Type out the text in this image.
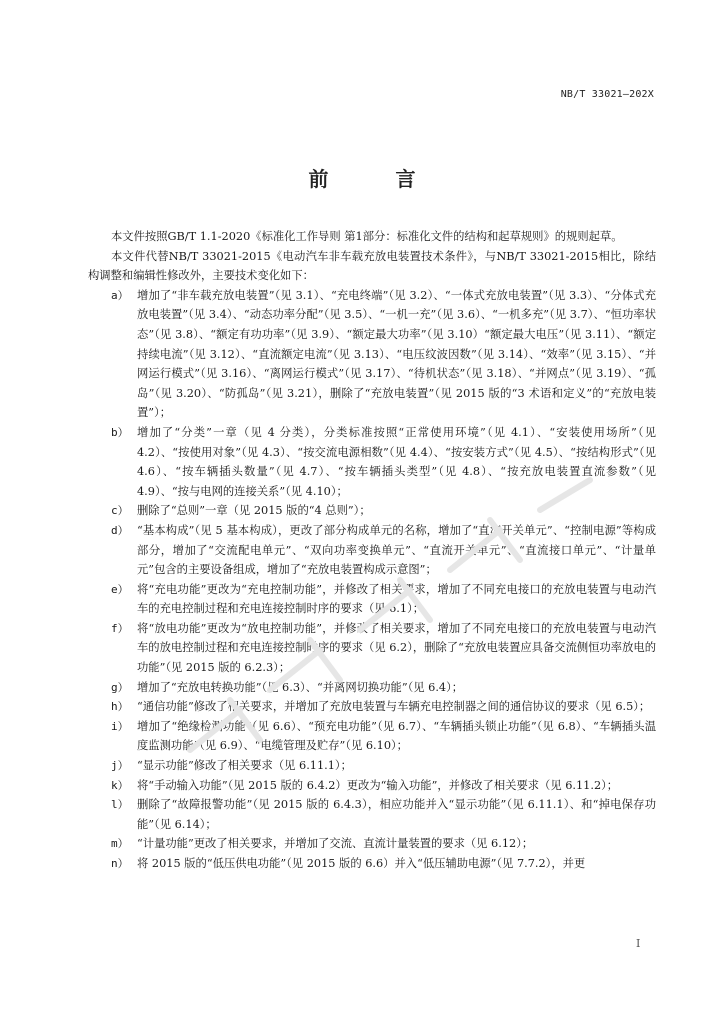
NB/T 33021—202X
前 言

本文件按照GB/T 1.1-2020《标准化工作导则 第1部分：标准化文件的结构和起草规则》的规则起草。

本文件代替NB/T 33021-2015《电动汽车非车载充放电装置技术条件》，与NB/T 33021-2015相比，除结构调整和编辑性修改外，主要技术变化如下：

a） 增加了“非车载充放电装置”（见 3.1）、“充电终端”（见 3.2）、“一体式充放电装置”（见 3.3）、“分体式充放电装置”（见 3.4）、“动态功率分配”（见 3.5）、“一机一充”（见 3.6）、“一机多充”（见 3.7）、“恒功率状态”（见 3.8）、“额定有功功率”（见 3.9）、“额定最大功率”（见 3.10）“额定最大电压”（见 3.11）、“额定持续电流”（见 3.12）、“直流额定电流”（见 3.13）、“电压纹波因数”（见 3.14）、“效率”（见 3.15）、“并网运行模式”（见 3.16）、“离网运行模式”（见 3.17）、“待机状态”（见 3.18）、“并网点”（见 3.19）、“孤岛”（见 3.20）、“防孤岛”（见 3.21），删除了“充放电装置”（见 2015 版的“3 术语和定义”的“充放电装置”）；
b） 增加了“分类”一章（见 4 分类），分类标准按照“正常使用环境”（见 4.1）、“安装使用场所”（见 4.2）、“按使用对象”（见 4.3）、“按交流电源相数”（见 4.4）、“按安装方式”（见 4.5）、“按结构形式”（见 4.6）、“按车辆插头数量”（见 4.7）、“按车辆插头类型”（见 4.8）、“按充放电装置直流参数”（见 4.9）、“按与电网的连接关系”（见 4.10）；
c） 删除了“总则”一章（见 2015 版的“4 总则”）；
d） “基本构成”（见 5 基本构成），更改了部分构成单元的名称，增加了“直流开关单元”、“控制电源”等构成部分，增加了“交流配电单元”、“双向功率变换单元”、“直流开关单元”、“直流接口单元”、“计量单元”包含的主要设备组成，增加了“充放电装置构成示意图”；
e） 将“充电功能”更改为“充电控制功能”，并修改了相关要求，增加了不同充电接口的充放电装置与电动汽车的充电控制过程和充电连接控制时序的要求（见 6.1）；
f） 将“放电功能”更改为“放电控制功能”，并修改了相关要求，增加了不同充电接口的充放电装置与电动汽车的放电控制过程和充电连接控制时序的要求（见 6.2），删除了“充放电装置应具备交流侧恒功率放电的功能”（见 2015 版的 6.2.3）；
g） 增加了“充放电转换功能”（见 6.3）、“并离网切换功能”（见 6.4）；
h） “通信功能”修改了相关要求，并增加了充放电装置与车辆充电控制器之间的通信协议的要求（见 6.5）；
i） 增加了“绝缘检测功能”（见 6.6）、“预充电功能”（见 6.7）、“车辆插头锁止功能”（见 6.8）、“车辆插头温度监测功能”（见 6.9）、“电缆管理及贮存”（见 6.10）；
j） “显示功能”修改了相关要求（见 6.11.1）；
k） 将“手动输入功能”（见 2015 版的 6.4.2）更改为“输入功能”，并修改了相关要求（见 6.11.2）；
l） 删除了“故障报警功能”（见 2015 版的 6.4.3），相应功能并入“显示功能”（见 6.11.1）、和“掉电保存功能”（见 6.14）；
m） “计量功能”更改了相关要求，并增加了交流、直流计量装置的要求（见 6.12）；
n） 将 2015 版的“低压供电功能”（见 2015 版的 6.6）并入“低压辅助电源”（见 7.7.2），并更
I
